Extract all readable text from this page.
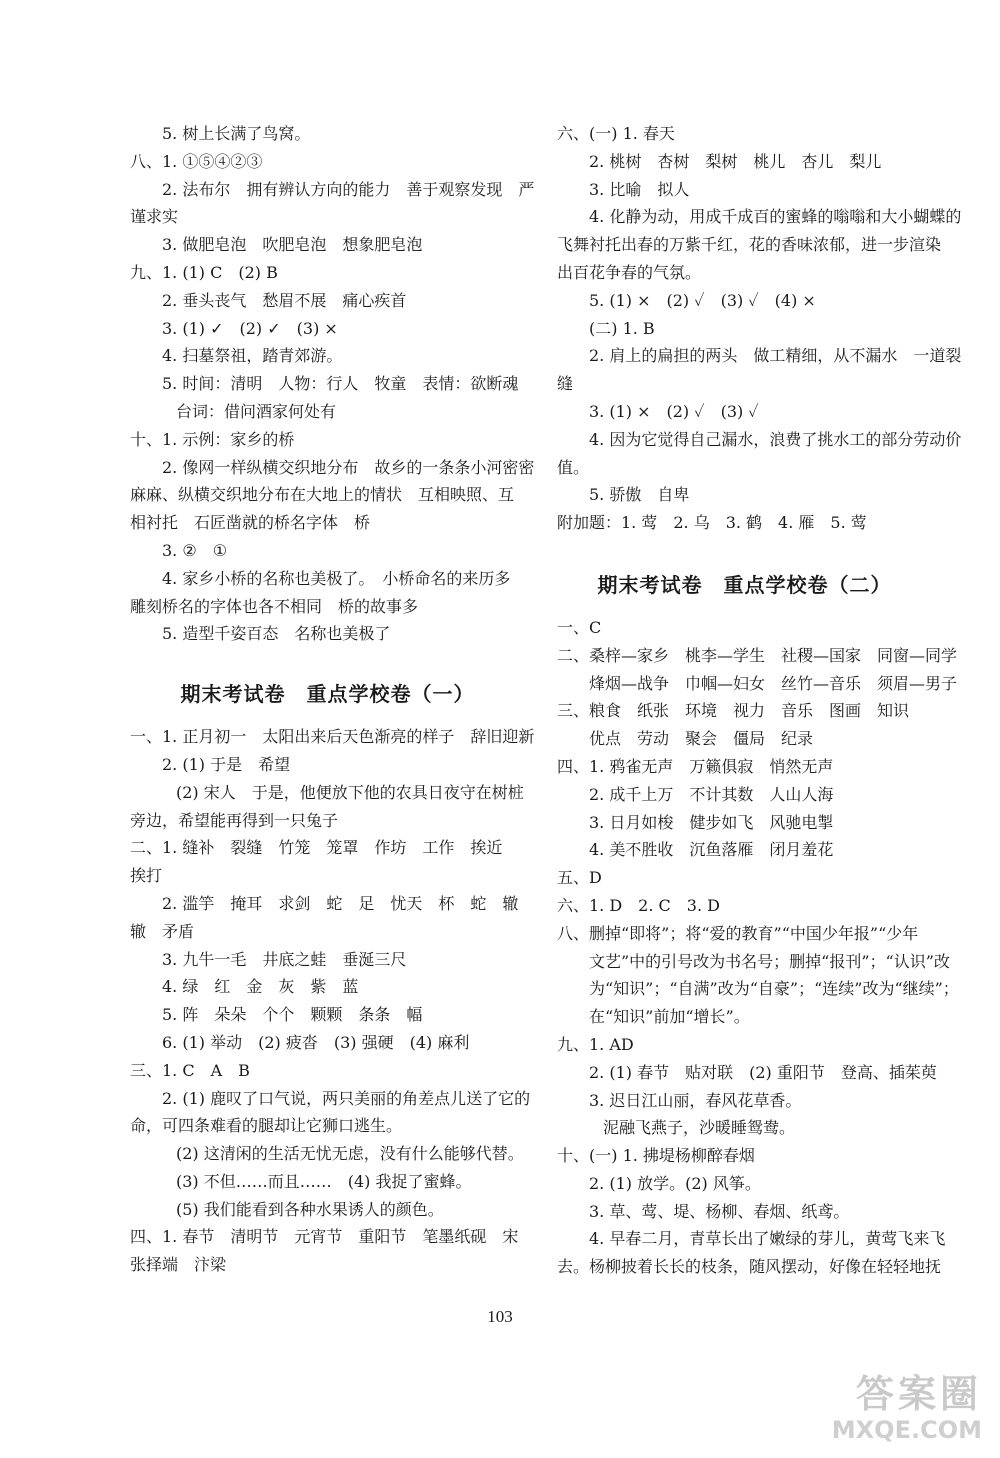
5. 树上长满了鸟窝。
八、1. ①⑤④②③
2. 法布尔　拥有辨认方向的能力　善于观察发现　严
谨求实
3. 做肥皂泡　吹肥皂泡　想象肥皂泡
九、1. (1) C　(2) B
2. 垂头丧气　愁眉不展　痛心疾首
3. (1) ✓　(2) ✓　(3) ×
4. 扫墓祭祖，踏青郊游。
5. 时间：清明　人物：行人　牧童　表情：欲断魂
台词：借问酒家何处有
十、1. 示例：家乡的桥
2. 像网一样纵横交织地分布　故乡的一条条小河密密
麻麻、纵横交织地分布在大地上的情状　互相映照、互
相衬托　石匠凿就的桥名字体　桥
3. ②　①
4. 家乡小桥的名称也美极了。　小桥命名的来历多
雕刻桥名的字体也各不相同　桥的故事多
5. 造型千姿百态　名称也美极了
期末考试卷　重点学校卷（一）
一、1. 正月初一　太阳出来后天色渐亮的样子　辞旧迎新
2. (1) 于是　希望
(2) 宋人　于是，他便放下他的农具日夜守在树桩
旁边，希望能再得到一只兔子
二、1. 缝补　裂缝　竹笼　笼罩　作坊　工作　挨近
挨打
2. 滥竽　掩耳　求剑　蛇　足　忧天　杯　蛇　辙
辙　矛盾
3. 九牛一毛　井底之蛙　垂涎三尺
4. 绿　红　金　灰　紫　蓝
5. 阵　朵朵　个个　颗颗　条条　幅
6. (1) 举动　(2) 疲沓　(3) 强硬　(4) 麻利
三、1. C　A　B
2. (1) 鹿叹了口气说，两只美丽的角差点儿送了它的
命，可四条难看的腿却让它狮口逃生。
(2) 这清闲的生活无忧无虑，没有什么能够代替。
(3) 不但……而且……　(4) 我捉了蜜蜂。
(5) 我们能看到各种水果诱人的颜色。
四、1. 春节　清明节　元宵节　重阳节　笔墨纸砚　宋
张择端　汴梁
六、(一) 1. 春天
2. 桃树　杏树　梨树　桃儿　杏儿　梨儿
3. 比喻　拟人
4. 化静为动，用成千成百的蜜蜂的嗡嗡和大小蝴蝶的
飞舞衬托出春的万紫千红，花的香味浓郁，进一步渲染
出百花争春的气氛。
5. (1) ×　(2) ✓　(3) ✓　(4) ×
(二) 1. B
2. 肩上的扁担的两头　做工精细，从不漏水　一道裂
缝
3. (1) ×　(2) ✓　(3) ✓
4. 因为它觉得自己漏水，浪费了挑水工的部分劳动价
值。
5. 骄傲　自卑
附加题：1. 莺　2. 乌　3. 鹤　4. 雁　5. 莺
期末考试卷　重点学校卷（二）
一、C
二、桑梓—家乡　桃李—学生　社稷—国家　同窗—同学
烽烟—战争　巾帼—妇女　丝竹—音乐　须眉—男子
三、粮食　纸张　环境　视力　音乐　图画　知识
优点　劳动　聚会　僵局　纪录
四、1. 鸦雀无声　万籁俱寂　悄然无声
2. 成千上万　不计其数　人山人海
3. 日月如梭　健步如飞　风驰电掣
4. 美不胜收　沉鱼落雁　闭月羞花
五、D
六、1. D　2. C　3. D
八、删掉“即将”；将“爱的教育”“中国少年报”“少年
文艺”中的引号改为书名号；删掉“报刊”；“认识”改
为“知识”；“自满”改为“自豪”；“连续”改为“继续”；
在“知识”前加“增长”。
九、1. AD
2. (1) 春节　贴对联　(2) 重阳节　登高、插茱萸
3. 迟日江山丽，春风花草香。
泥融飞燕子，沙暖睡鸳鸯。
十、(一) 1. 拂堤杨柳醉春烟
2. (1) 放学。(2) 风筝。
3. 草、莺、堤、杨柳、春烟、纸鸢。
4. 早春二月，青草长出了嫩绿的芽儿，黄莺飞来飞
去。杨柳披着长长的枝条，随风摆动，好像在轻轻地抚
103
答案圈
MXQE.COM
